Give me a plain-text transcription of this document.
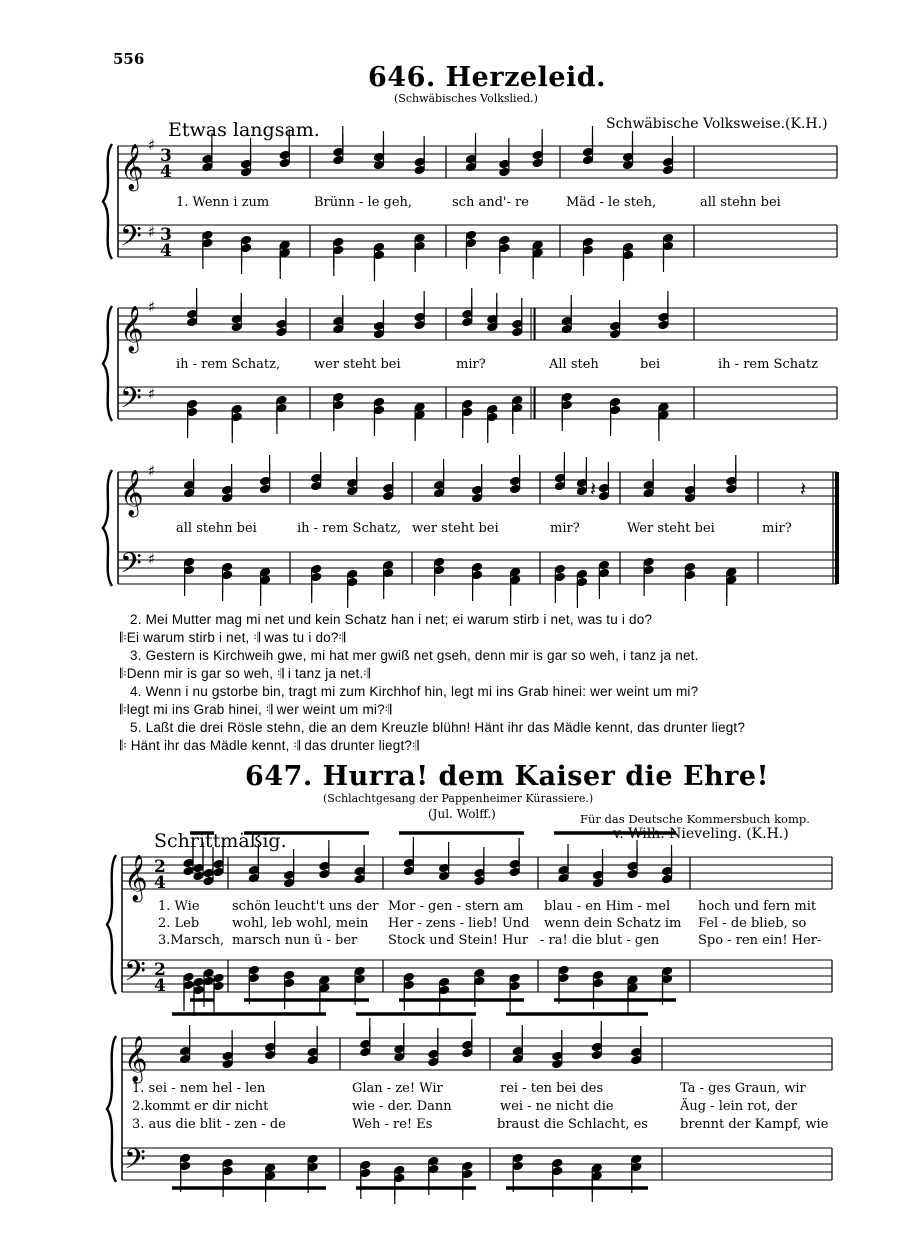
556
646. Herzeleid.
(Schwäbisches Volkslied.)
Etwas langsam.	Schwäbische Volksweise.(K.H.)
𝄞
𝄢
♯
♯
3
4
3
4
𝄞
𝄢
♯
♯
𝄞
𝄢
♯
♯
𝄽
𝄽
𝄽
𝄞
𝄢
2
4
2
4
𝄞
𝄢
1. Wenn i zum	Brünn - le geh,	sch and'- re	Mäd - le steh,	all stehn bei
ih - rem Schatz,	wer steht bei	mir?	All steh	bei	ih - rem Schatz
all stehn bei	ih - rem Schatz, wer steht bei	mir?	Wer steht bei	mir?
2. Mei Mutter mag mi net und kein Schatz han i net; ei warum stirb i net, was tu i do?
𝄆Ei warum stirb i net, 𝄇 was tu i do?𝄇
3. Gestern is Kirchweih gwe, mi hat mer gwiß net gseh, denn mir is gar so weh, i tanz ja net.
𝄆Denn mir is gar so weh, 𝄇 i tanz ja net.𝄇
4. Wenn i nu gstorbe bin, tragt mi zum Kirchhof hin, legt mi ins Grab hinei: wer weint um mi?
𝄆legt mi ins Grab hinei, 𝄇 wer weint um mi?𝄇
5. Laßt die drei Rösle stehn, die an dem Kreuzle blühn! Hänt ihr das Mädle kennt, das drunter liegt?
𝄆 Hänt ihr das Mädle kennt, 𝄇 das drunter liegt?𝄇
647. Hurra! dem Kaiser die Ehre!
(Schlachtgesang der Pappenheimer Kürassiere.)
(Jul. Wolff.)	Für das Deutsche Kommersbuch komp.
v. Wilh. Nieveling. (K.H.)
Schrittmäßig.
1. Wie
2. Leb
3.Marsch,
schön leucht't uns der Mor - gen - stern am blau - en Him - mel hoch und fern mit
wohl, leb wohl, mein Her - zens - lieb! Und wenn dein Schatz im Fel - de blieb, so
marsch nun ü - ber Stock und Stein! Hur - ra! die blut - gen	Spo - ren ein! Her-
1. sei - nem hel - len
2.kommt er dir nicht
3. aus die blit - zen - de
Glan - ze! Wir	rei - ten bei des	Ta - ges Graun, wir
wie - der. Dann	wei - ne nicht die	Äug - lein rot, der
Weh - re! Es	braust die Schlacht, es brennt der Kampf, wie
